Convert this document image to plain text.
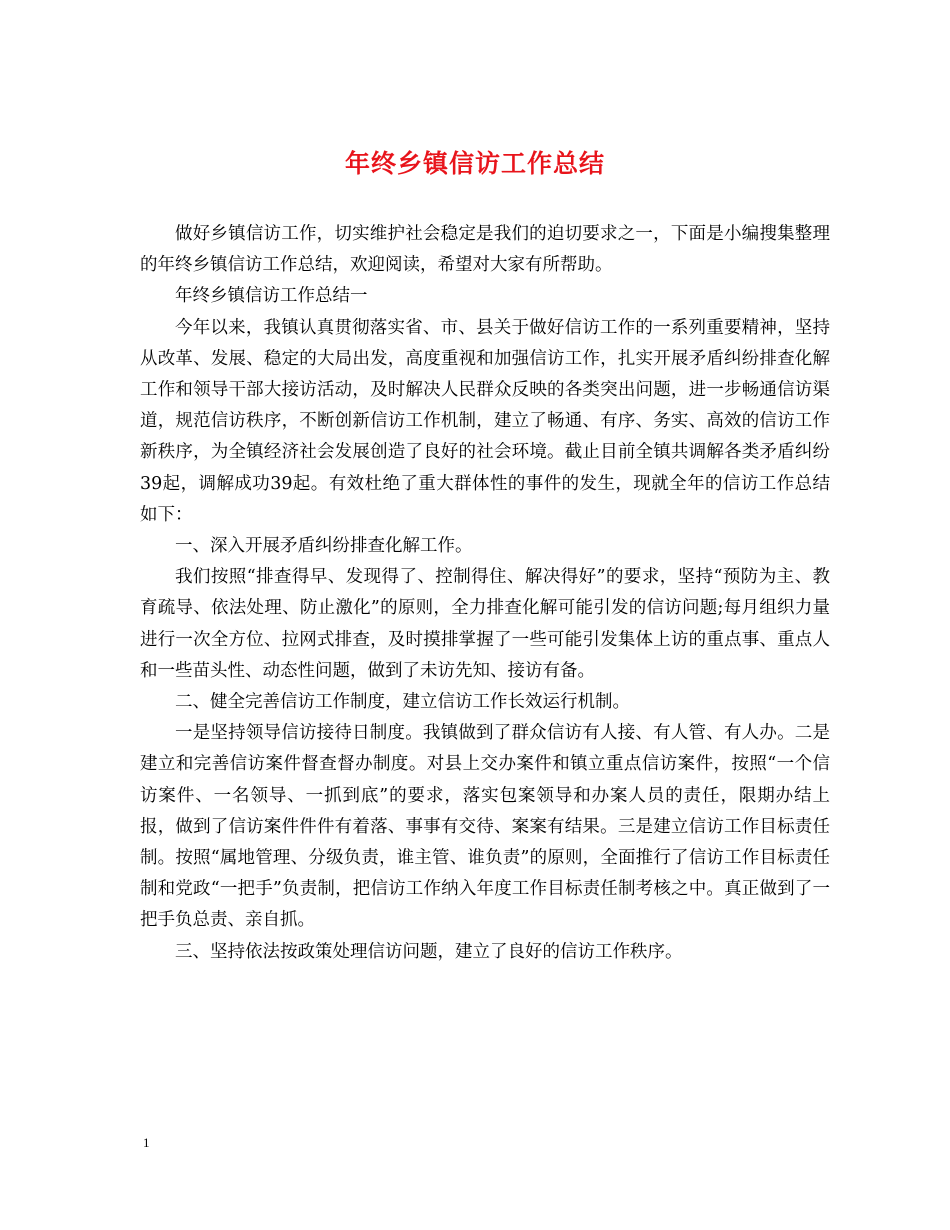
年终乡镇信访工作总结

做好乡镇信访工作，切实维护社会稳定是我们的迫切要求之一，下面是小编搜集整理的年终乡镇信访工作总结，欢迎阅读，希望对大家有所帮助。

年终乡镇信访工作总结一

今年以来，我镇认真贯彻落实省、市、县关于做好信访工作的一系列重要精神，坚持从改革、发展、稳定的大局出发，高度重视和加强信访工作，扎实开展矛盾纠纷排查化解工作和领导干部大接访活动，及时解决人民群众反映的各类突出问题，进一步畅通信访渠道，规范信访秩序，不断创新信访工作机制，建立了畅通、有序、务实、高效的信访工作新秩序，为全镇经济社会发展创造了良好的社会环境。截止目前全镇共调解各类矛盾纠纷39起，调解成功39起。有效杜绝了重大群体性的事件的发生，现就全年的信访工作总结如下：

一、深入开展矛盾纠纷排查化解工作。

我们按照“排查得早、发现得了、控制得住、解决得好”的要求，坚持“预防为主、教育疏导、依法处理、防止激化”的原则，全力排查化解可能引发的信访问题;每月组织力量进行一次全方位、拉网式排查，及时摸排掌握了一些可能引发集体上访的重点事、重点人和一些苗头性、动态性问题，做到了未访先知、接访有备。

二、健全完善信访工作制度，建立信访工作长效运行机制。

一是坚持领导信访接待日制度。我镇做到了群众信访有人接、有人管、有人办。二是建立和完善信访案件督查督办制度。对县上交办案件和镇立重点信访案件，按照“一个信访案件、一名领导、一抓到底”的要求，落实包案领导和办案人员的责任，限期办结上报，做到了信访案件件件有着落、事事有交待、案案有结果。三是建立信访工作目标责任制。按照“属地管理、分级负责，谁主管、谁负责”的原则，全面推行了信访工作目标责任制和党政“一把手”负责制，把信访工作纳入年度工作目标责任制考核之中。真正做到了一把手负总责、亲自抓。

三、坚持依法按政策处理信访问题，建立了良好的信访工作秩序。

1
